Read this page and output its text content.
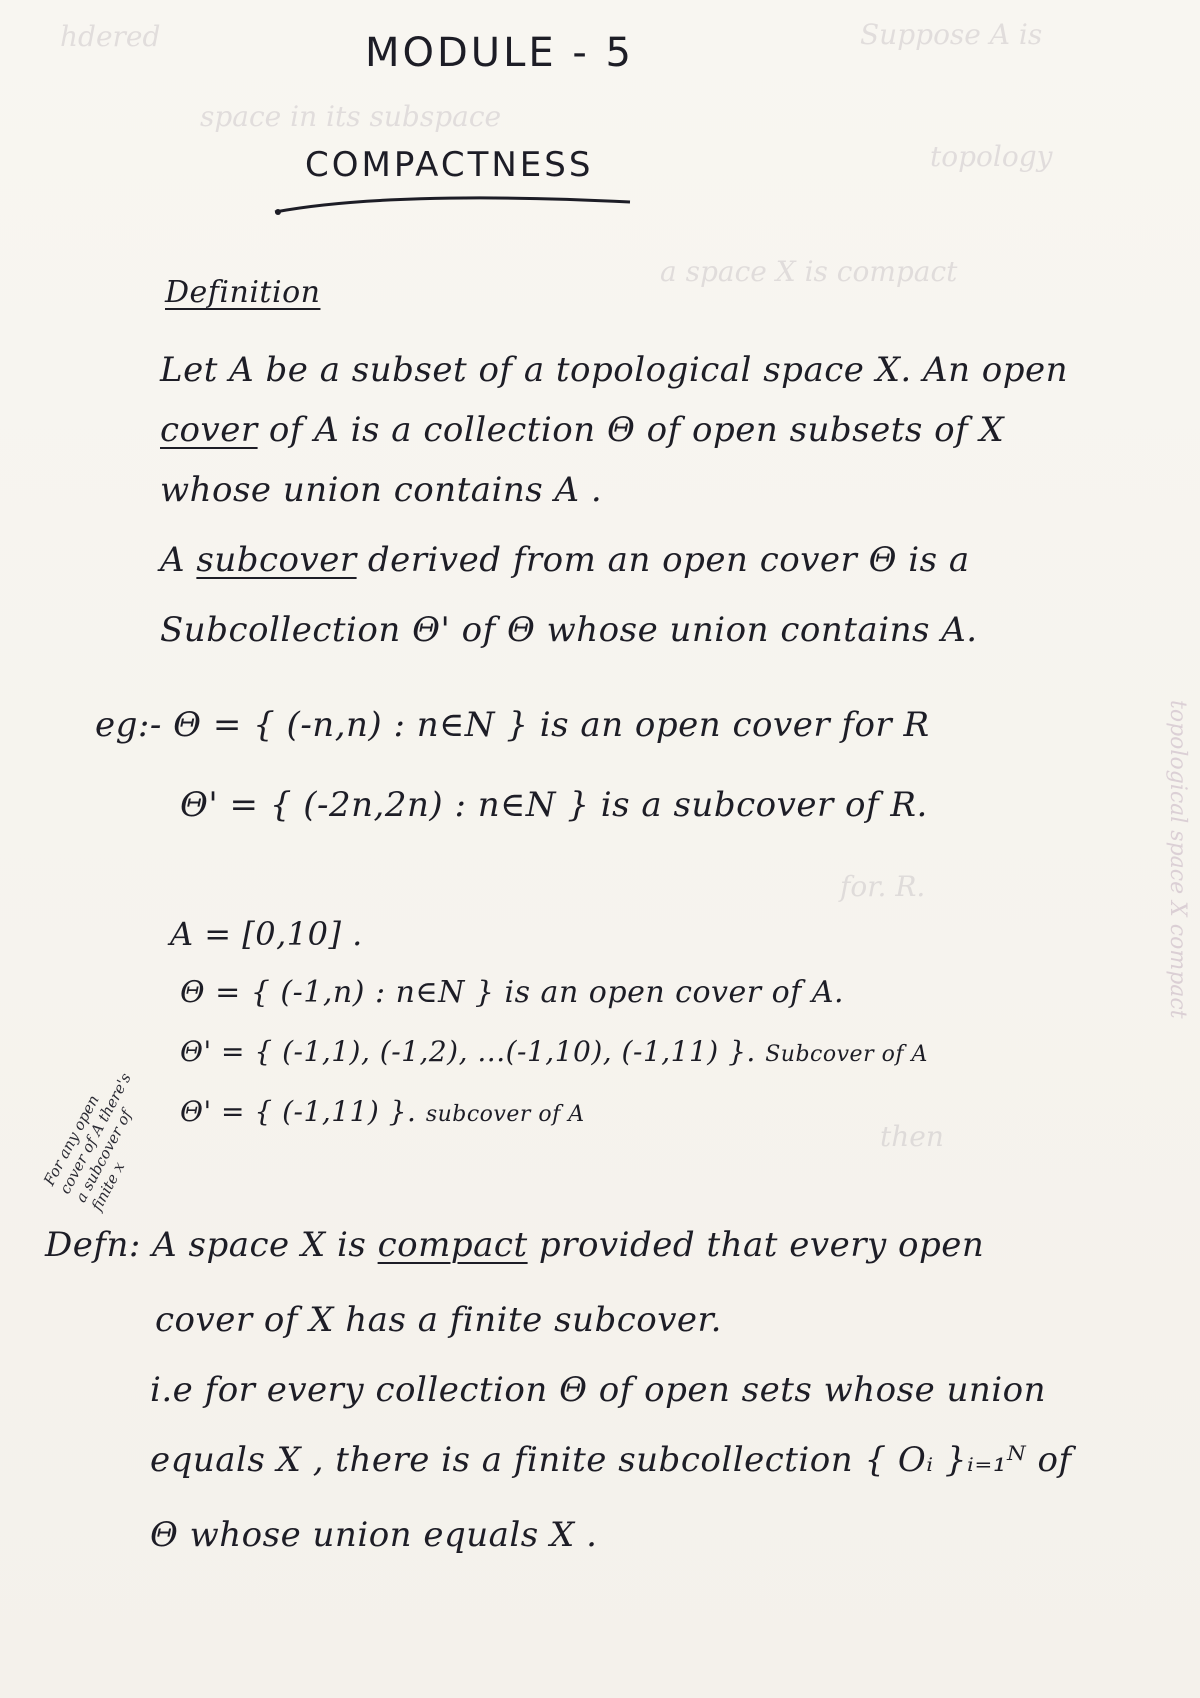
hdered	Suppose A is
space in its subspace
topology
a space X is compact
for. R.
then
topological space X compact
MODULE - 5
COMPACTNESS
Definition
Let A be a subset of a topological space X. An open
cover of A is a collection Θ of open subsets of X
whose union contains A .
A subcover derived from an open cover Θ is a
Subcollection Θ' of Θ whose union contains A.
eg:- Θ = { (-n,n) : n∈N } is an open cover for R
Θ' = { (-2n,2n) : n∈N } is a subcover of R.
A = [0,10] .
Θ = { (-1,n) : n∈N } is an open cover of A.
Θ' = { (-1,1), (-1,2), ...(-1,10), (-1,11) }. Subcover of A
Θ' = { (-1,11) }. subcover of A
For any open cover of A there's a subcover of finite x
Defn: A space X is compact provided that every open
cover of X has a finite subcover.
i.e for every collection Θ of open sets whose union
equals X , there is a finite subcollection { Oᵢ }ᵢ₌₁ᴺ of
Θ whose union equals X .
